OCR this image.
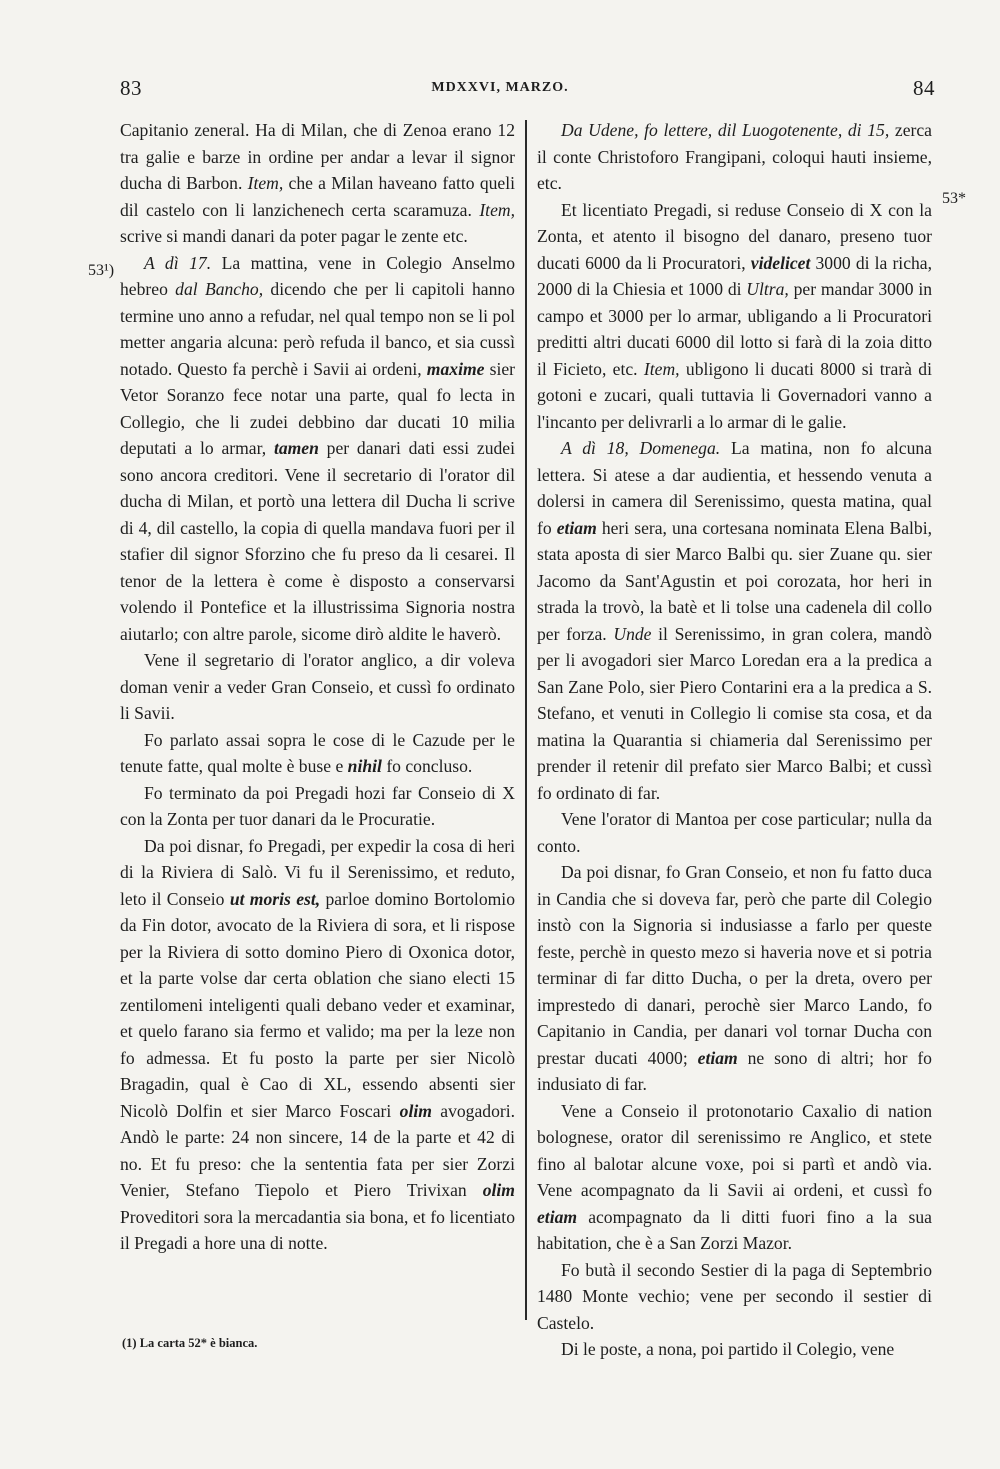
83	MDXXVI, MARZO.	84
53¹)
53*

Capitanio zeneral. Ha di Milan, che di Zenoa erano 12 tra galie e barze in ordine per andar a levar il signor ducha di Barbon. Item, che a Milan haveano fatto queli dil castelo con li lanzichenech certa scaramuza. Item, scrive si mandi danari da poter pagar le zente etc.

A dì 17. La mattina, vene in Colegio Anselmo hebreo dal Bancho, dicendo che per li capitoli hanno termine uno anno a refudar, nel qual tempo non se li pol metter angaria alcuna: però refuda il banco, et sia cussì notado. Questo fa perchè i Savii ai ordeni, maxime sier Vetor Soranzo fece notar una parte, qual fo lecta in Collegio, che li zudei debbino dar ducati 10 milia deputati a lo armar, tamen per danari dati essi zudei sono ancora creditori. Vene il secretario di l'orator dil ducha di Milan, et portò una lettera dil Ducha li scrive di 4, dil castello, la copia di quella mandava fuori per il stafier dil signor Sforzino che fu preso da li cesarei. Il tenor de la lettera è come è disposto a conservarsi volendo il Pontefice et la illustrissima Signoria nostra aiutarlo; con altre parole, sicome dirò aldite le haverò.

Vene il segretario di l'orator anglico, a dir voleva doman venir a veder Gran Conseio, et cussì fo ordinato li Savii.

Fo parlato assai sopra le cose di le Cazude per le tenute fatte, qual molte è buse e nihil fo concluso.

Fo terminato da poi Pregadi hozi far Conseio di X con la Zonta per tuor danari da le Procuratie.

Da poi disnar, fo Pregadi, per expedir la cosa di heri di la Riviera di Salò. Vi fu il Serenissimo, et reduto, leto il Conseio ut moris est, parloe domino Bortolomio da Fin dotor, avocato de la Riviera di sora, et li rispose per la Riviera di sotto domino Piero di Oxonica dotor, et la parte volse dar certa oblation che siano electi 15 zentilomeni inteligenti quali debano veder et examinar, et quelo farano sia fermo et valido; ma per la leze non fo admessa. Et fu posto la parte per sier Nicolò Bragadin, qual è Cao di XL, essendo absenti sier Nicolò Dolfin et sier Marco Foscari olim avogadori. Andò le parte: 24 non sincere, 14 de la parte et 42 di no. Et fu preso: che la sententia fata per sier Zorzi Venier, Stefano Tiepolo et Piero Trivixan olim Proveditori sora la mercadantia sia bona, et fo licentiato il Pregadi a hore una di notte.

(1) La carta 52* è bianca.

Da Udene, fo lettere, dil Luogotenente, di 15, zerca il conte Christoforo Frangipani, coloqui hauti insieme, etc.

Et licentiato Pregadi, si reduse Conseio di X con la Zonta, et atento il bisogno del danaro, preseno tuor ducati 6000 da li Procuratori, videlicet 3000 di la richa, 2000 di la Chiesia et 1000 di Ultra, per mandar 3000 in campo et 3000 per lo armar, ubligando a li Procuratori preditti altri ducati 6000 dil lotto si farà di la zoia ditto il Ficieto, etc. Item, ubligono li ducati 8000 si trarà di gotoni e zucari, quali tuttavia li Governadori vanno a l'incanto per delivrarli a lo armar di le galie.

A dì 18, Domenega. La matina, non fo alcuna lettera. Si atese a dar audientia, et hessendo venuta a dolersi in camera dil Serenissimo, questa matina, qual fo etiam heri sera, una cortesana nominata Elena Balbi, stata aposta di sier Marco Balbi qu. sier Zuane qu. sier Jacomo da Sant'Agustin et poi corozata, hor heri in strada la trovò, la batè et li tolse una cadenela dil collo per forza. Unde il Serenissimo, in gran colera, mandò per li avogadori sier Marco Loredan era a la predica a San Zane Polo, sier Piero Contarini era a la predica a S. Stefano, et venuti in Collegio li comise sta cosa, et da matina la Quarantia si chiameria dal Serenissimo per prender il retenir dil prefato sier Marco Balbi; et cussì fo ordinato di far.

Vene l'orator di Mantoa per cose particular; nulla da conto.

Da poi disnar, fo Gran Conseio, et non fu fatto duca in Candia che si doveva far, però che parte dil Colegio instò con la Signoria si indusiasse a farlo per queste feste, perchè in questo mezo si haveria nove et si potria terminar di far ditto Ducha, o per la dreta, overo per imprestedo di danari, perochè sier Marco Lando, fo Capitanio in Candia, per danari vol tornar Ducha con prestar ducati 4000; etiam ne sono di altri; hor fo indusiato di far.

Vene a Conseio il protonotario Caxalio di nation bolognese, orator dil serenissimo re Anglico, et stete fino al balotar alcune voxe, poi si partì et andò via. Vene acompagnato da li Savii ai ordeni, et cussì fo etiam acompagnato da li ditti fuori fino a la sua habitation, che è a San Zorzi Mazor.

Fo butà il secondo Sestier di la paga di Septembrio 1480 Monte vechio; vene per secondo il sestier di Castelo.

Di le poste, a nona, poi partido il Colegio, vene
